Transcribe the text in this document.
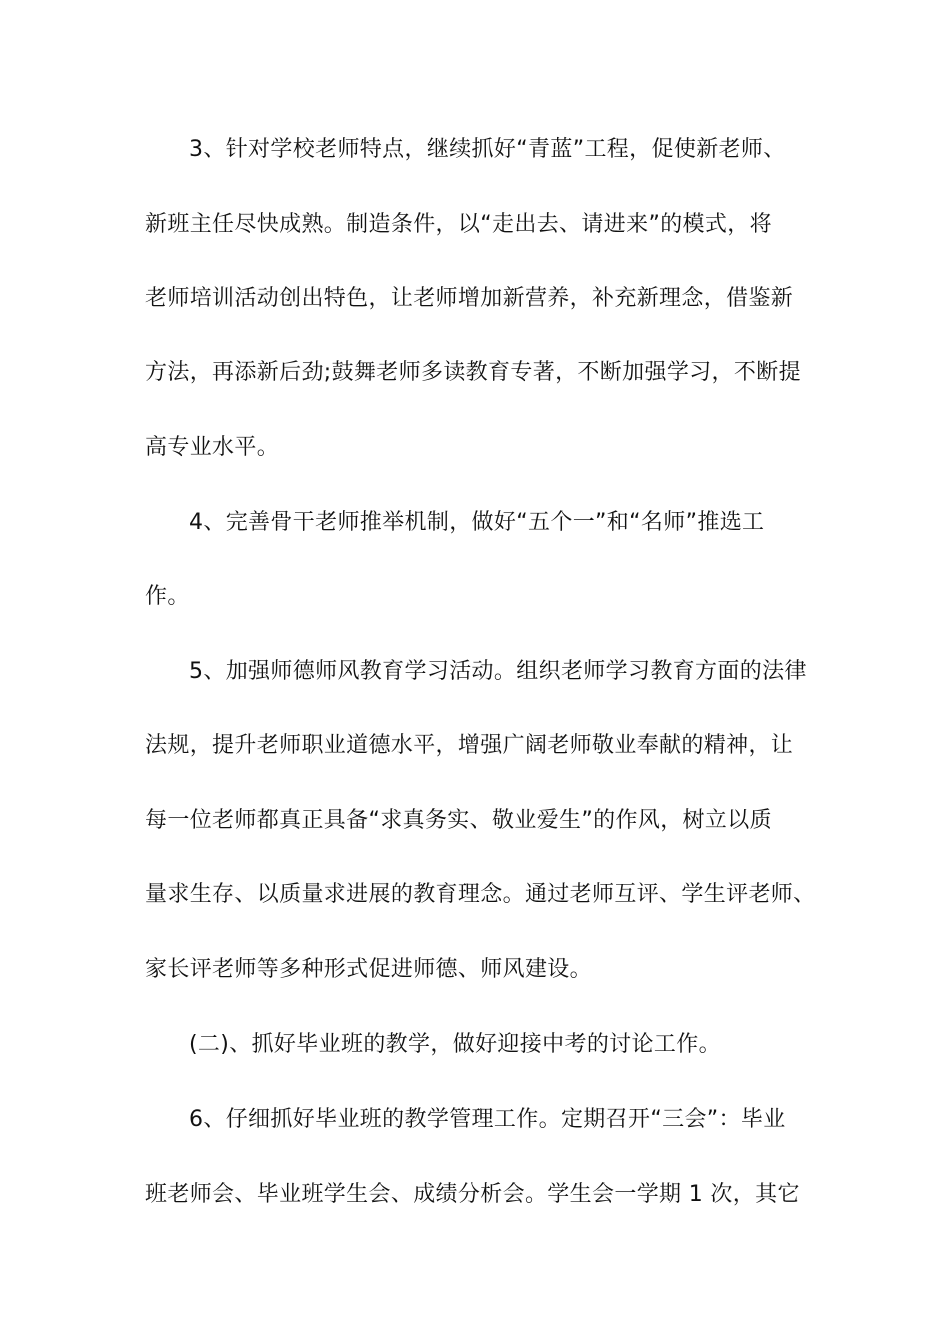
3、针对学校老师特点，继续抓好“青蓝”工程，促使新老师、
新班主任尽快成熟。制造条件，以“走出去、请进来”的模式，将
老师培训活动创出特色，让老师增加新营养，补充新理念，借鉴新
方法，再添新后劲;鼓舞老师多读教育专著，不断加强学习，不断提
高专业水平。
4、完善骨干老师推举机制，做好“五个一”和“名师”推选工
作。
5、加强师德师风教育学习活动。组织老师学习教育方面的法律
法规，提升老师职业道德水平，增强广阔老师敬业奉献的精神，让
每一位老师都真正具备“求真务实、敬业爱生”的作风，树立以质
量求生存、以质量求进展的教育理念。通过老师互评、学生评老师、
家长评老师等多种形式促进师德、师风建设。
(二)、抓好毕业班的教学，做好迎接中考的讨论工作。
6、仔细抓好毕业班的教学管理工作。定期召开“三会”：毕业
班老师会、毕业班学生会、成绩分析会。学生会一学期 1 次，其它
